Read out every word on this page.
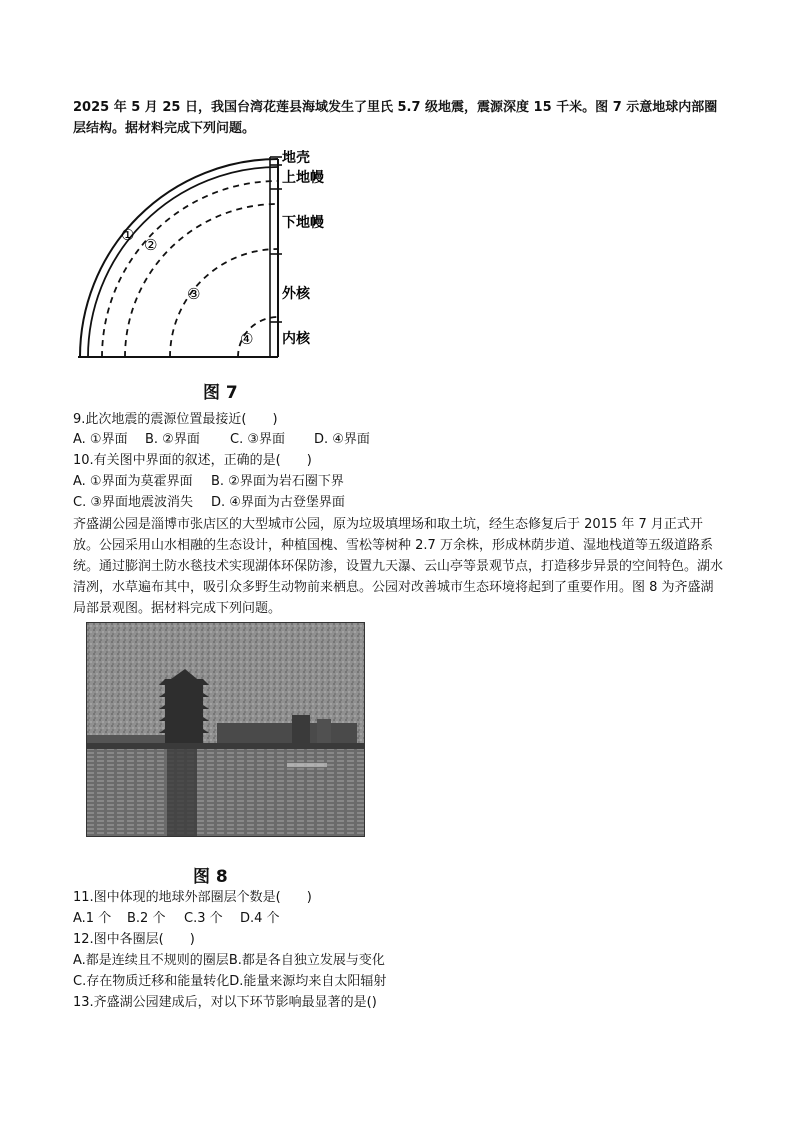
2025 年 5 月 25 日，我国台湾花莲县海域发生了里氏 5.7 级地震，震源深度 15 千米。图 7 示意地球内部圈层结构。据材料完成下列问题。

地壳
上地幔
下地幔
外核
内核
①
②
③
④
图 7
9.此次地震的震源位置最接近(　　)
A. ①界面 B. ②界面 C. ③界面 D. ④界面
10.有关图中界面的叙述，正确的是(　　)
A. ①界面为莫霍界面 B. ②界面为岩石圈下界
C. ③界面地震波消失 D. ④界面为古登堡界面

齐盛湖公园是淄博市张店区的大型城市公园，原为垃圾填埋场和取土坑，经生态修复后于 2015 年 7 月正式开放。公园采用山水相融的生态设计，种植国槐、雪松等树种 2.7 万余株，形成林荫步道、湿地栈道等五级道路系统。通过膨润土防水毯技术实现湖体环保防渗，设置九天瀑、云山亭等景观节点，打造移步异景的空间特色。湖水清冽，水草遍布其中，吸引众多野生动物前来栖息。公园对改善城市生态环境将起到了重要作用。图 8 为齐盛湖局部景观图。据材料完成下列问题。

图 8
11.图中体现的地球外部圈层个数是(　　)
A.1 个 B.2 个 C.3 个 D.4 个
12.图中各圈层(　　)
A.都是连续且不规则的圈层B.都是各自独立发展与变化
C.存在物质迁移和能量转化D.能量来源均来自太阳辐射
13.齐盛湖公园建成后，对以下环节影响最显著的是()
